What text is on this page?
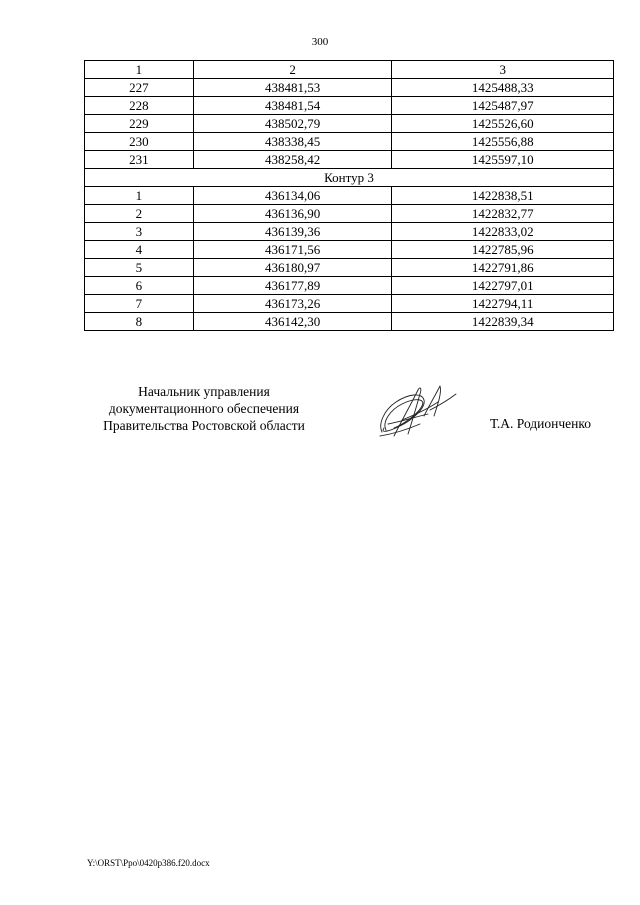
300
1	2	3
227	438481,53	1425488,33
228	438481,54	1425487,97
229	438502,79	1425526,60
230	438338,45	1425556,88
231	438258,42	1425597,10
Контур 3		
1	436134,06	1422838,51
2	436136,90	1422832,77
3	436139,36	1422833,02
4	436171,56	1422785,96
5	436180,97	1422791,86
6	436177,89	1422797,01
7	436173,26	1422794,11
8	436142,30	1422839,34
Начальник управления
документационного обеспечения
Правительства Ростовской области	Т.А. Родионченко
Y:\ORST\Ppo\0420p386.f20.docx
